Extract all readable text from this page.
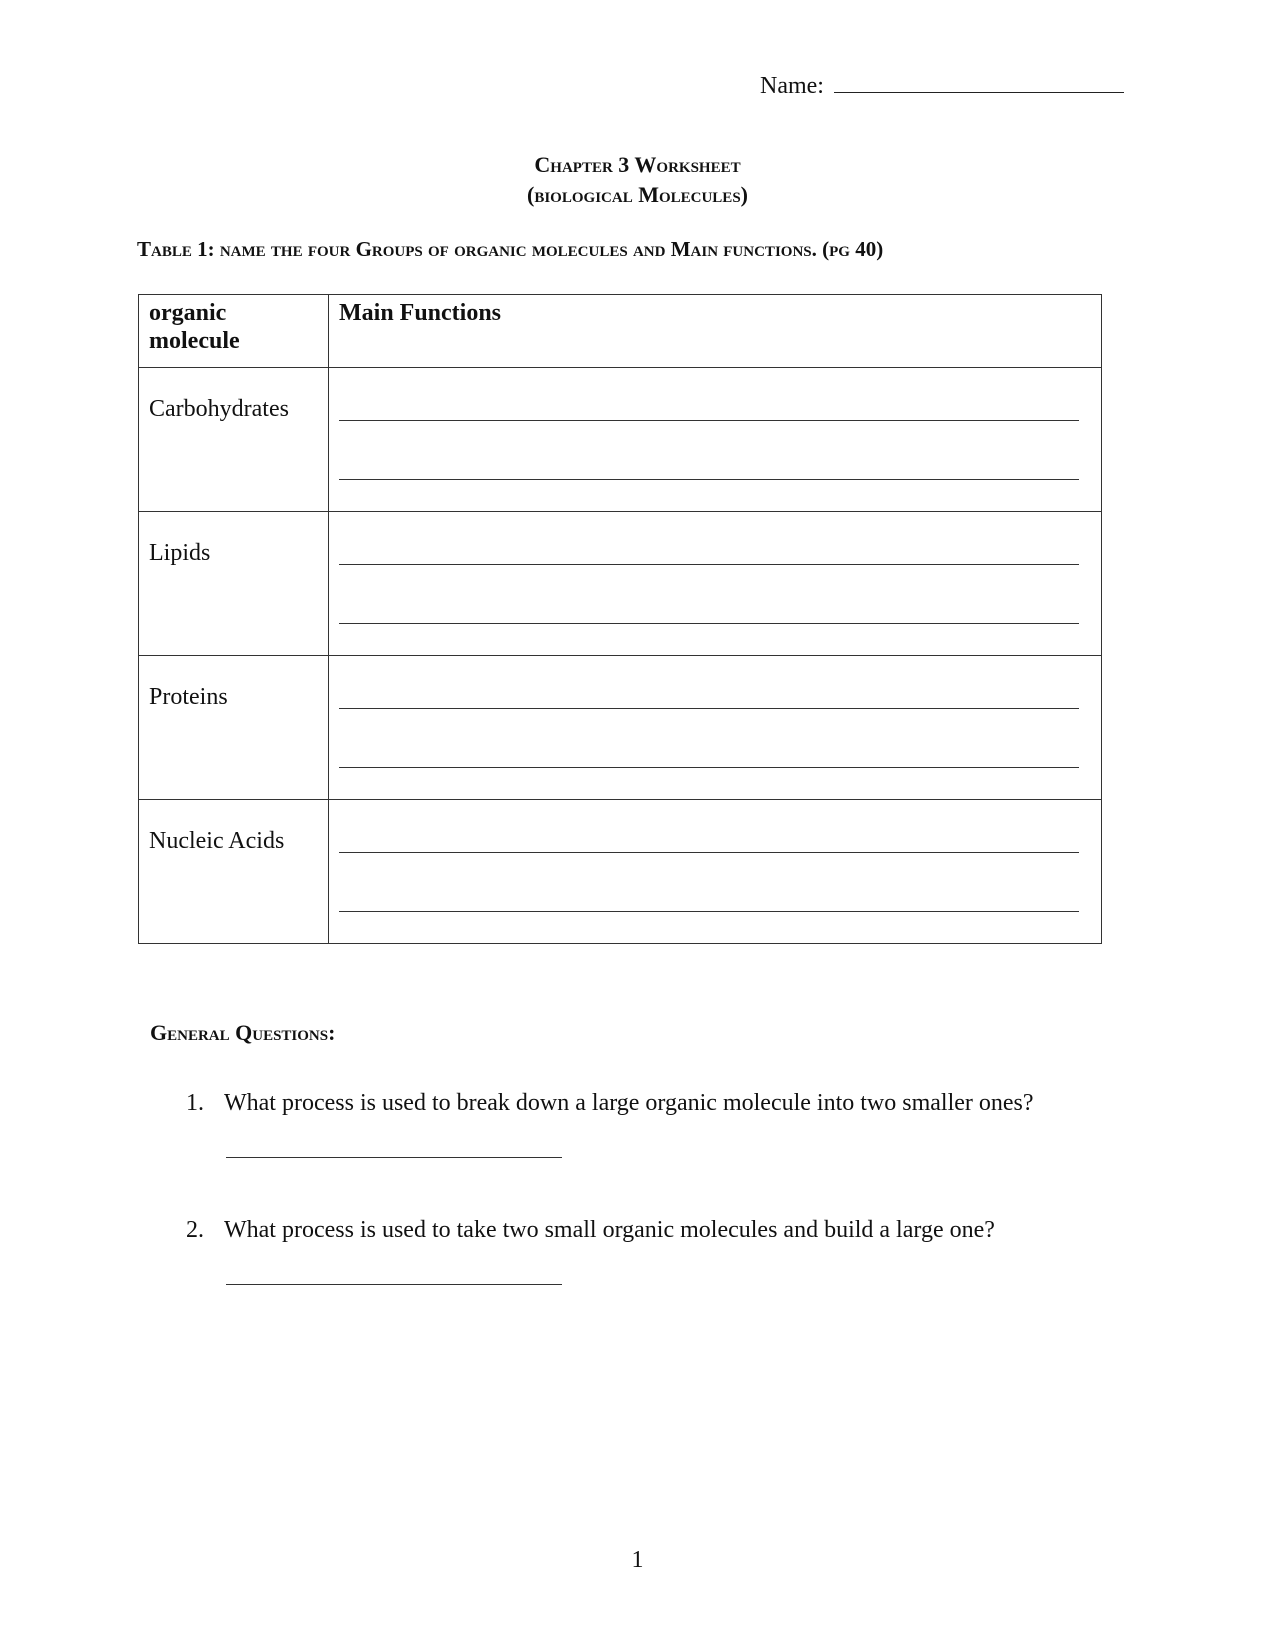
Name:
Chapter 3 Worksheet
(biological Molecules)
Table 1: name the four Groups of organic molecules and Main functions. (pg 40)
organic
molecule	Main Functions

Carbohydrates	

Lipids	

Proteins	

Nucleic Acids	

General Questions:
1. What process is used to break down a large organic molecule into two smaller ones?
2. What process is used to take two small organic molecules and build a large one?
1
